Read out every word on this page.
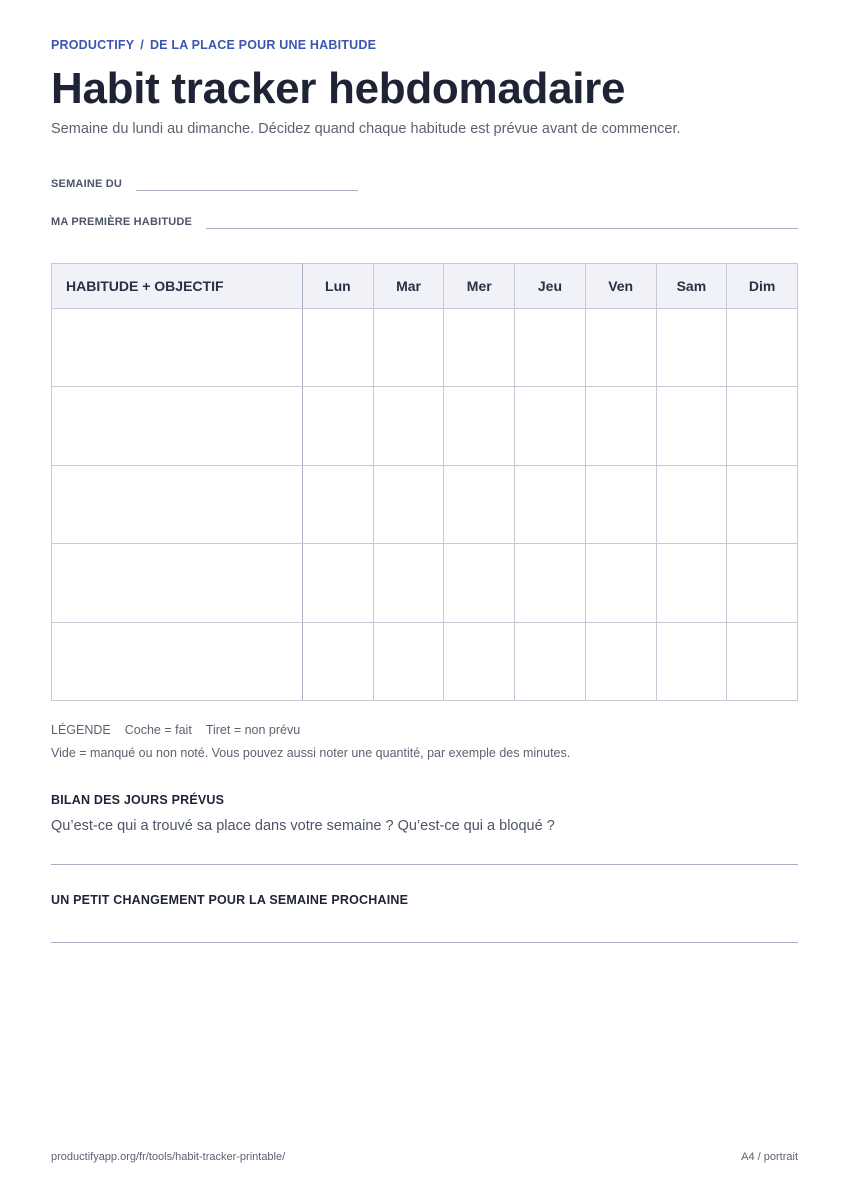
PRODUCTIFY / DE LA PLACE POUR UNE HABITUDE
Habit tracker hebdomadaire

Semaine du lundi au dimanche. Décidez quand chaque habitude est prévue avant de commencer.

SEMAINE DU
MA PREMIÈRE HABITUDE
HABITUDE + OBJECTIF	Lun	Mar	Mer	Jeu	Ven	Sam	Dim

LÉGENDE Coche = fait Tiret = non prévu
Vide = manqué ou non noté. Vous pouvez aussi noter une quantité, par exemple des minutes.
BILAN DES JOURS PRÉVUS
Qu’est-ce qui a trouvé sa place dans votre semaine ? Qu’est-ce qui a bloqué ?
UN PETIT CHANGEMENT POUR LA SEMAINE PROCHAINE
productifyapp.org/fr/tools/habit-tracker-printable/	A4 / portrait
